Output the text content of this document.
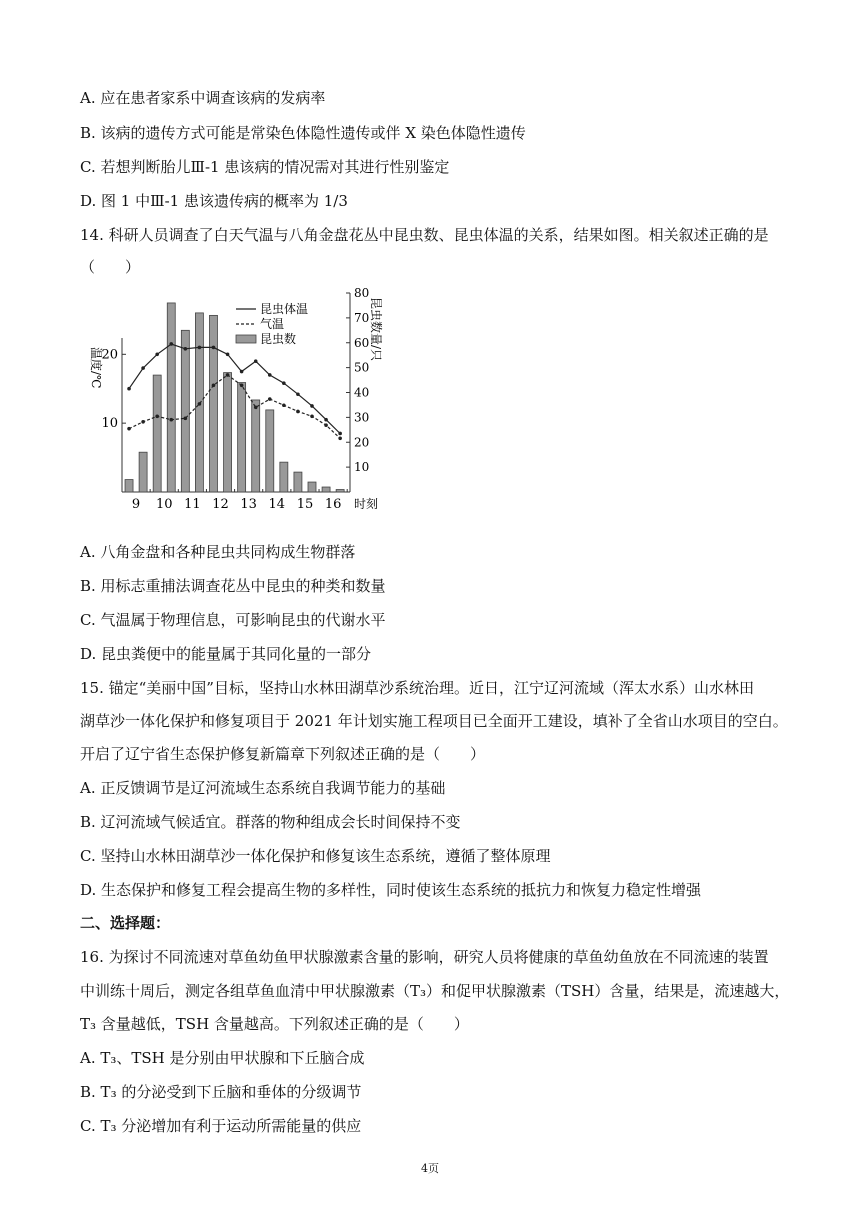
A. 应在患者家系中调查该病的发病率
B. 该病的遗传方式可能是常染色体隐性遗传或伴 X 染色体隐性遗传
C. 若想判断胎儿Ⅲ-1 患该病的情况需对其进行性别鉴定
D. 图 1 中Ⅲ-1 患该遗传病的概率为 1/3
14. 科研人员调查了白天气温与八角金盘花丛中昆虫数、昆虫体温的关系，结果如图。相关叙述正确的是
（　　）
9 10 11 12 13 14 15 16 时刻
10
20
温度/℃
10
20
30
40
50
60
70
80
昆虫数量/只
昆虫体温
气温
昆虫数
A. 八角金盘和各种昆虫共同构成生物群落
B. 用标志重捕法调查花丛中昆虫的种类和数量
C. 气温属于物理信息，可影响昆虫的代谢水平
D. 昆虫粪便中的能量属于其同化量的一部分
15. 锚定“美丽中国”目标，坚持山水林田湖草沙系统治理。近日，江宁辽河流域（浑太水系）山水林田
湖草沙一体化保护和修复项目于 2021 年计划实施工程项目已全面开工建设，填补了全省山水项目的空白。
开启了辽宁省生态保护修复新篇章下列叙述正确的是（　　）
A. 正反馈调节是辽河流域生态系统自我调节能力的基础
B. 辽河流域气候适宜。群落的物种组成会长时间保持不变
C. 坚持山水林田湖草沙一体化保护和修复该生态系统，遵循了整体原理
D. 生态保护和修复工程会提高生物的多样性，同时使该生态系统的抵抗力和恢复力稳定性增强
二、选择题：
16. 为探讨不同流速对草鱼幼鱼甲状腺激素含量的影响，研究人员将健康的草鱼幼鱼放在不同流速的装置
中训练十周后，测定各组草鱼血清中甲状腺激素（T₃）和促甲状腺激素（TSH）含量，结果是，流速越大，
T₃ 含量越低，TSH 含量越高。下列叙述正确的是（　　）
A. T₃、TSH 是分别由甲状腺和下丘脑合成
B. T₃ 的分泌受到下丘脑和垂体的分级调节
C. T₃ 分泌增加有利于运动所需能量的供应
4页
